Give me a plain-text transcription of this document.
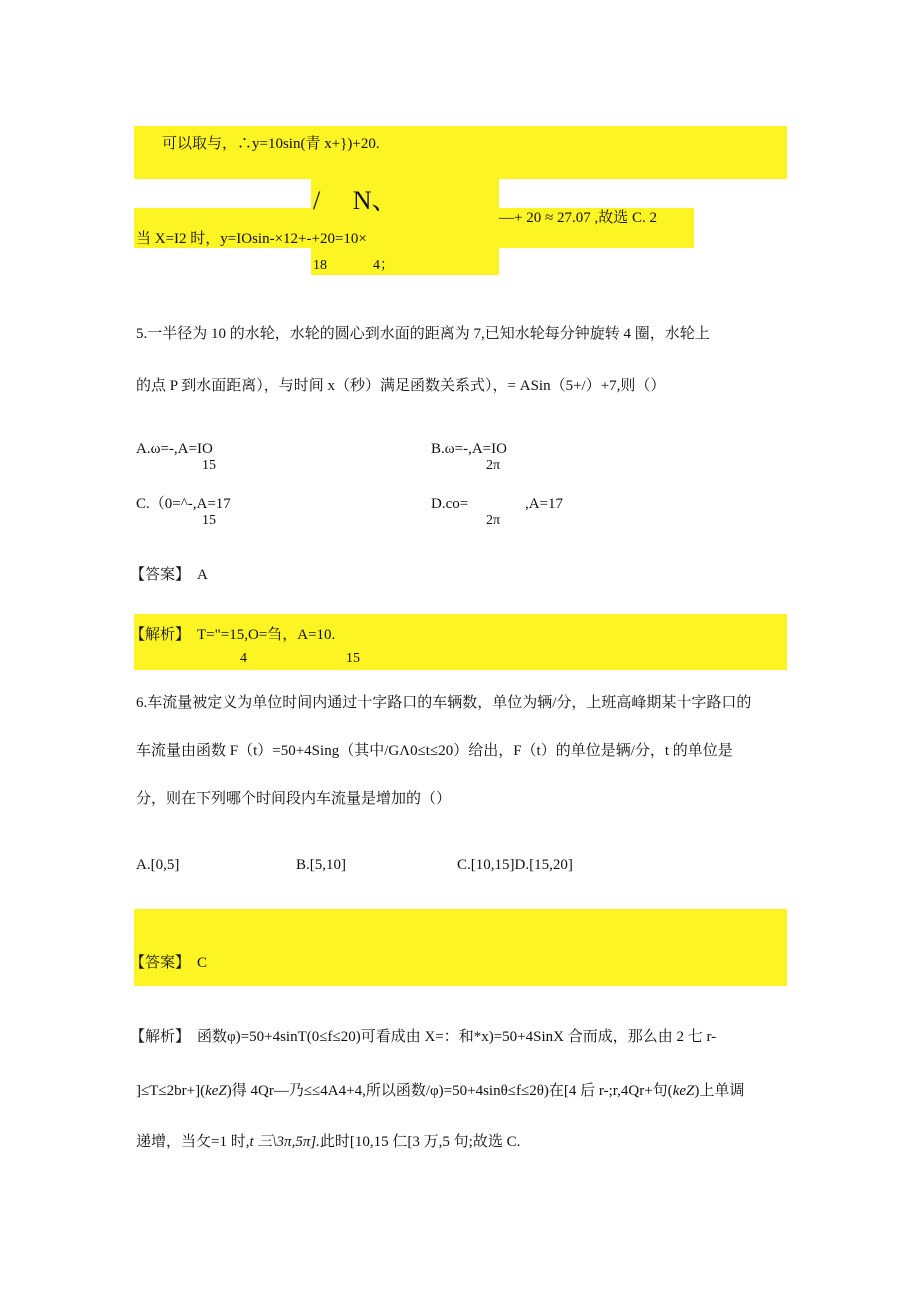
可以取与，∴y=10sin(青 x+})+20.
/     N、
当 X=I2 时，y=IOsin-×12+-+20=10×
—+ 20 ≈ 27.07 ,故选 C. 2
18	4；
5.一半径为 10 的水轮，水轮的圆心到水面的距离为 7,已知水轮每分钟旋转 4 圈，水轮上
的点 P 到水面距离），与时间 x（秒）满足函数关系式），= ASin（5+/）+7,则（）
A.ω=-,A=IO
15
B.ω=-,A=IO
2π
C.（0=^-,A=17
15
D.co=	,A=17
2π
【答案】 A
【解析】 T="=15,O=刍，A=10.
4	15
6.车流量被定义为单位时间内通过十字路口的车辆数，单位为辆/分，上班高峰期某十字路口的
车流量由函数 F（t）=50+4Sing（其中/GΛ0≤t≤20）给出，F（t）的单位是辆/分，t 的单位是
分，则在下列哪个时间段内车流量是增加的（）
A.[0,5]	B.[5,10]	C.[10,15]D.[15,20]
【答案】 C
【解析】 函数φ)=50+4sinT(0≤f≤20)可看成由 X=：和*x)=50+4SinX 合而成，那么由 2 七 r-
]≤T≤2br+](keZ)得 4Qr—乃≤≤4A4+4,所以函数/φ)=50+4sinθ≤f≤2θ)在[4 后 r-;r,4Qr+句(keZ)上单调
递增，当攵=1 时,t 三\3π,5π].此时[10,15 仁[3 万,5 句;故选 C.
